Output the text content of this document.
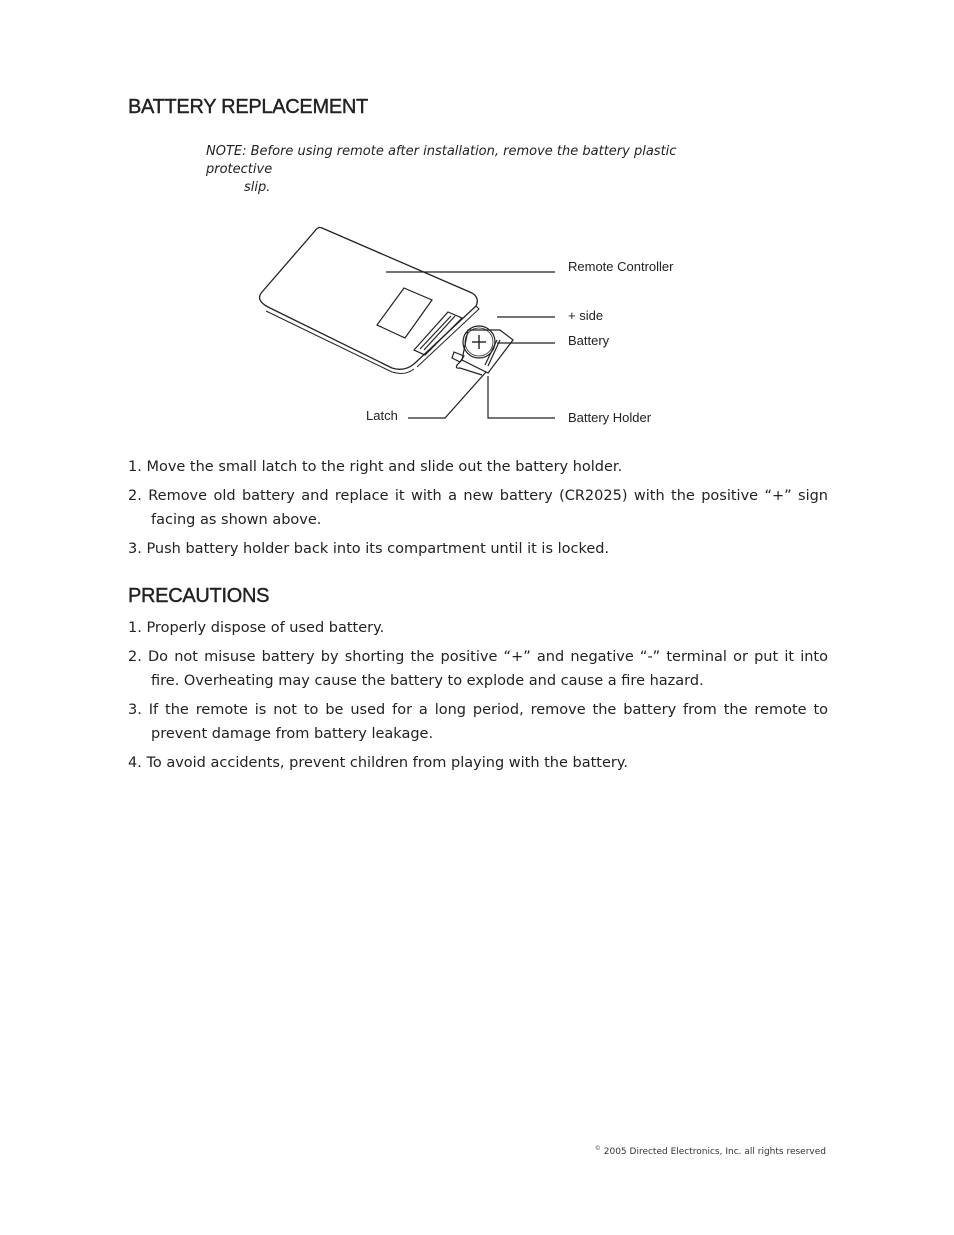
BATTERY REPLACEMENT
NOTE: Before using remote after installation, remove the battery plastic protective
slip.
Remote Controller
+ side
Battery
Latch	Battery Holder
1. Move the small latch to the right and slide out the battery holder.
2. Remove old battery and replace it with a new battery (CR2025) with the positive “+” sign facing as shown above.
3. Push battery holder back into its compartment until it is locked.
PRECAUTIONS
1. Properly dispose of used battery.
2. Do not misuse battery by shorting the positive “+” and negative “-” terminal or put it into fire. Overheating may cause the battery to explode and cause a fire hazard.
3. If the remote is not to be used for a long period, remove the battery from the remote to prevent damage from battery leakage.
4. To avoid accidents, prevent children from playing with the battery.
© 2005 Directed Electronics, Inc. all rights reserved
